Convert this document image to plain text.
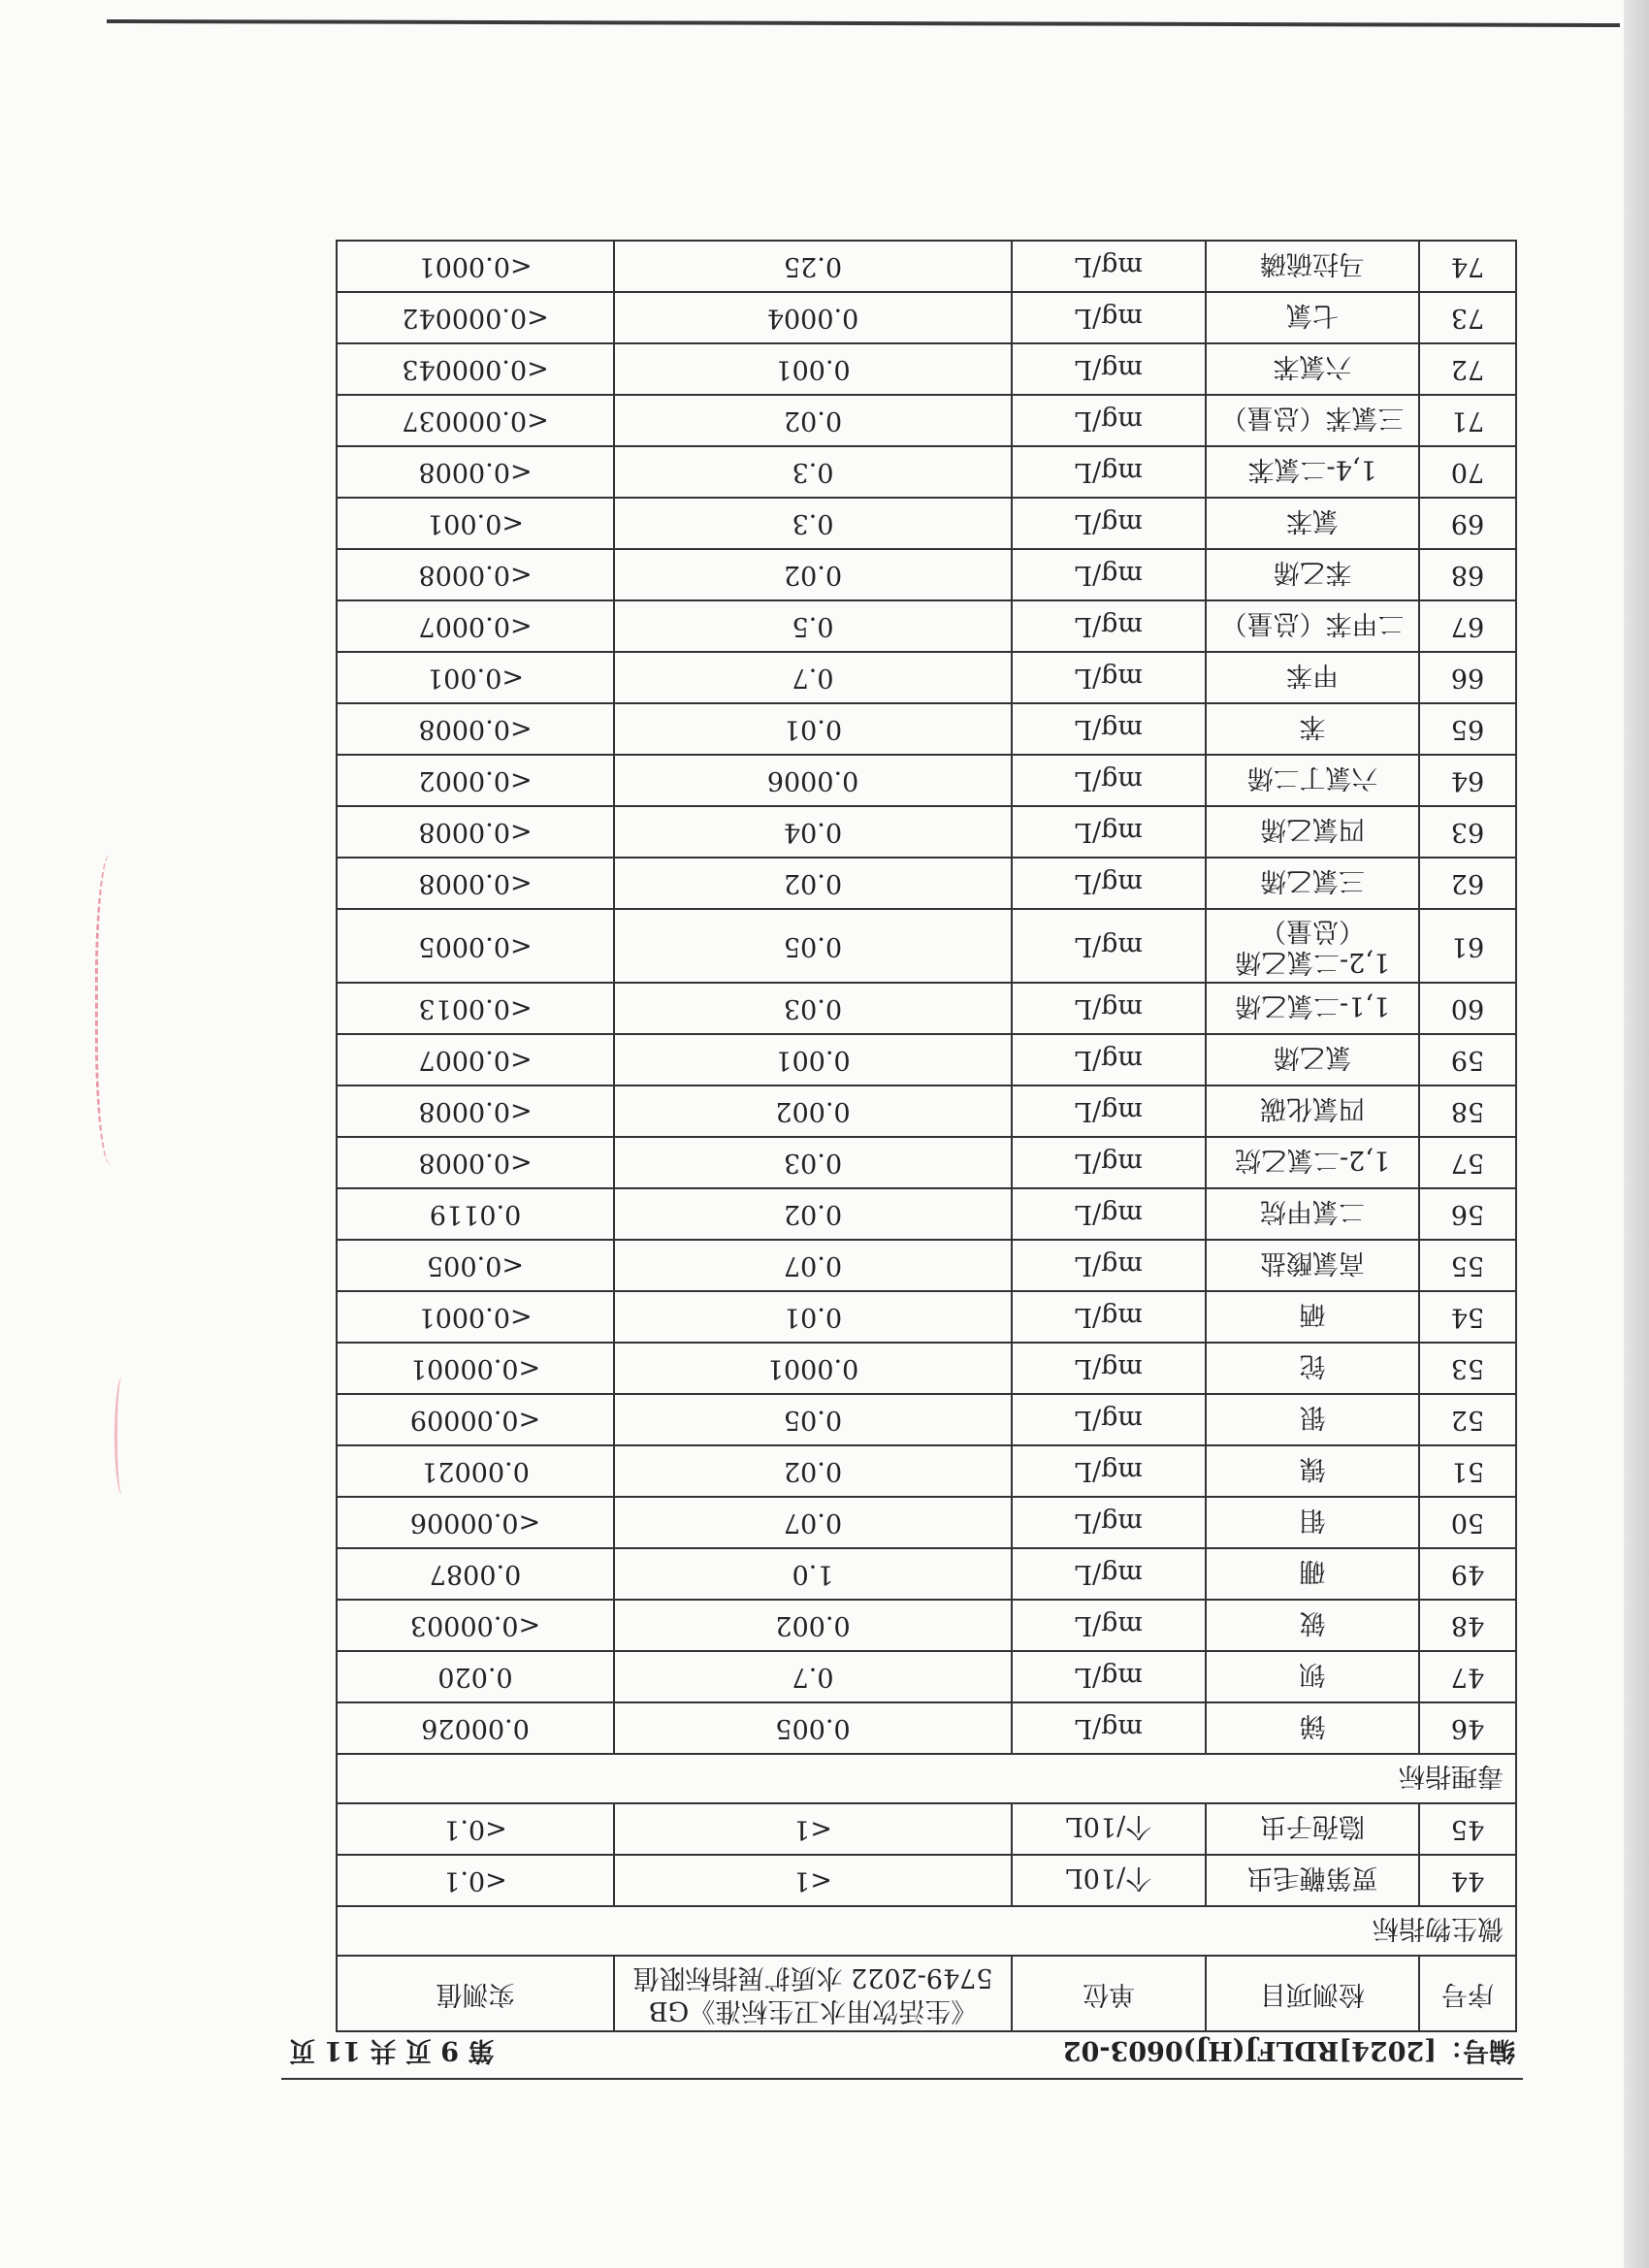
编号：[2024]RDLFJ(HJ)0603-02
第 9 页 共 11 页
序号	检测项目	单位	《生活饮用水卫生标准》GB 5749-2022 水质扩展指标限值	实测值
微生物指标				
44	贾第鞭毛虫	个/10L	<1	<0.1
45	隐孢子虫	个/10L	<1	<0.1
毒理指标				
46	锑	mg/L	0.005	0.00026
47	钡	mg/L	0.7	0.020
48	铍	mg/L	0.002	<0.00003
49	硼	mg/L	1.0	0.0087
50	钼	mg/L	0.07	<0.00006
51	镍	mg/L	0.02	0.00021
52	银	mg/L	0.05	<0.00009
53	铊	mg/L	0.0001	<0.00001
54	硒	mg/L	0.01	<0.0001
55	高氯酸盐	mg/L	0.07	<0.005
56	二氯甲烷	mg/L	0.02	0.0119
57	1,2-二氯乙烷	mg/L	0.03	<0.0008
58	四氯化碳	mg/L	0.002	<0.0008
59	氯乙烯	mg/L	0.001	<0.0007
60	1,1-二氯乙烯	mg/L	0.03	<0.0013
61	1,2-二氯乙烯（总量）	mg/L	0.05	<0.0005
62	三氯乙烯	mg/L	0.02	<0.0008
63	四氯乙烯	mg/L	0.04	<0.0008
64	六氯丁二烯	mg/L	0.0006	<0.0002
65	苯	mg/L	0.01	<0.0008
66	甲苯	mg/L	0.7	<0.001
67	二甲苯（总量）	mg/L	0.5	<0.0007
68	苯乙烯	mg/L	0.02	<0.0008
69	氯苯	mg/L	0.3	<0.001
70	1,4-二氯苯	mg/L	0.3	<0.0008
71	三氯苯（总量）	mg/L	0.02	<0.000037
72	六氯苯	mg/L	0.001	<0.000043
73	七氯	mg/L	0.0004	<0.000042
74	马拉硫磷	mg/L	0.25	<0.0001
